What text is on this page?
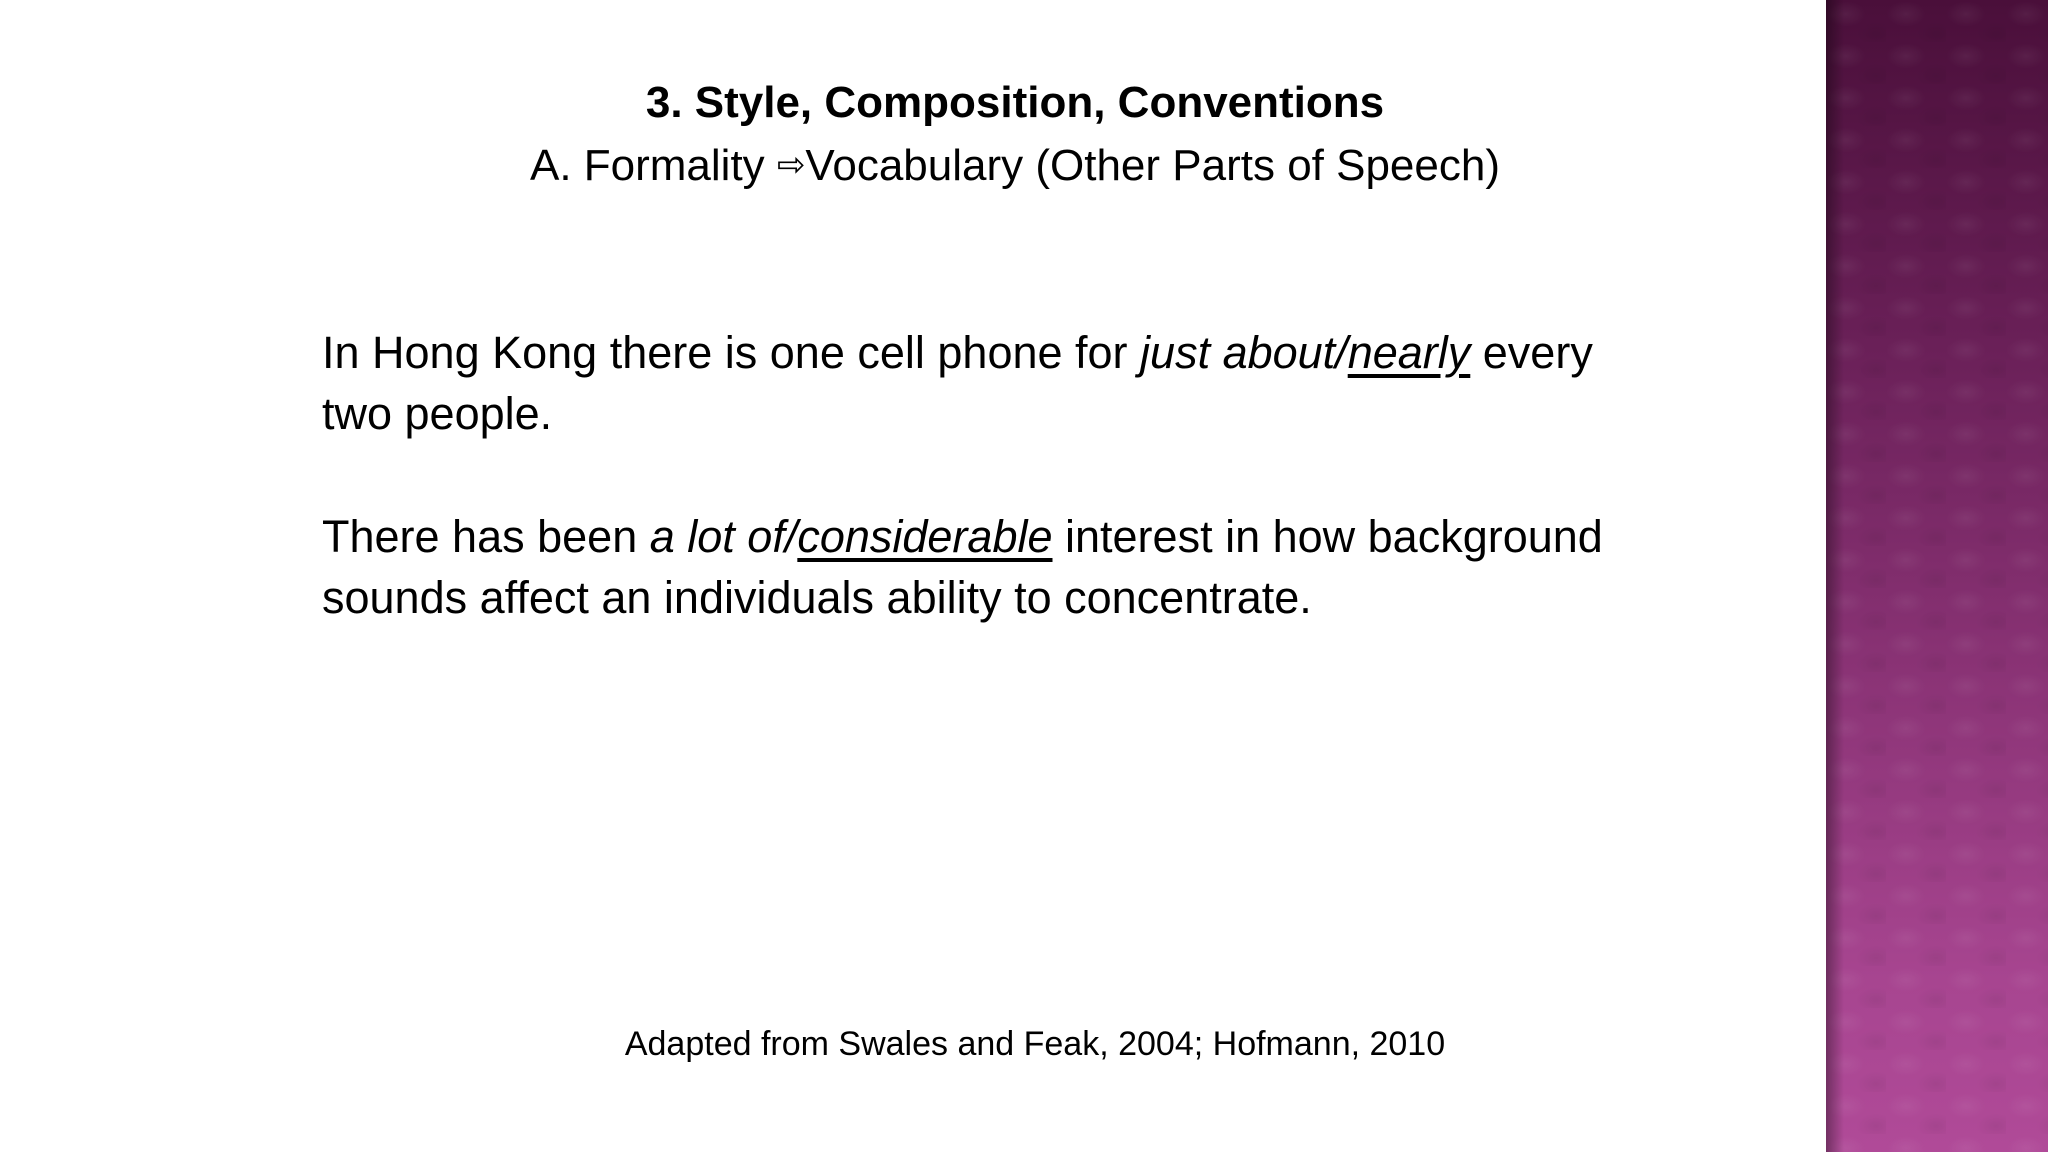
3. Style, Composition, Conventions
A. Formality ⇨Vocabulary (Other Parts of Speech)
In Hong Kong there is one cell phone for just about/nearly every two people.
There has been a lot of/considerable interest in how background sounds affect an individuals ability to concentrate.
Adapted from Swales and Feak, 2004; Hofmann, 2010
